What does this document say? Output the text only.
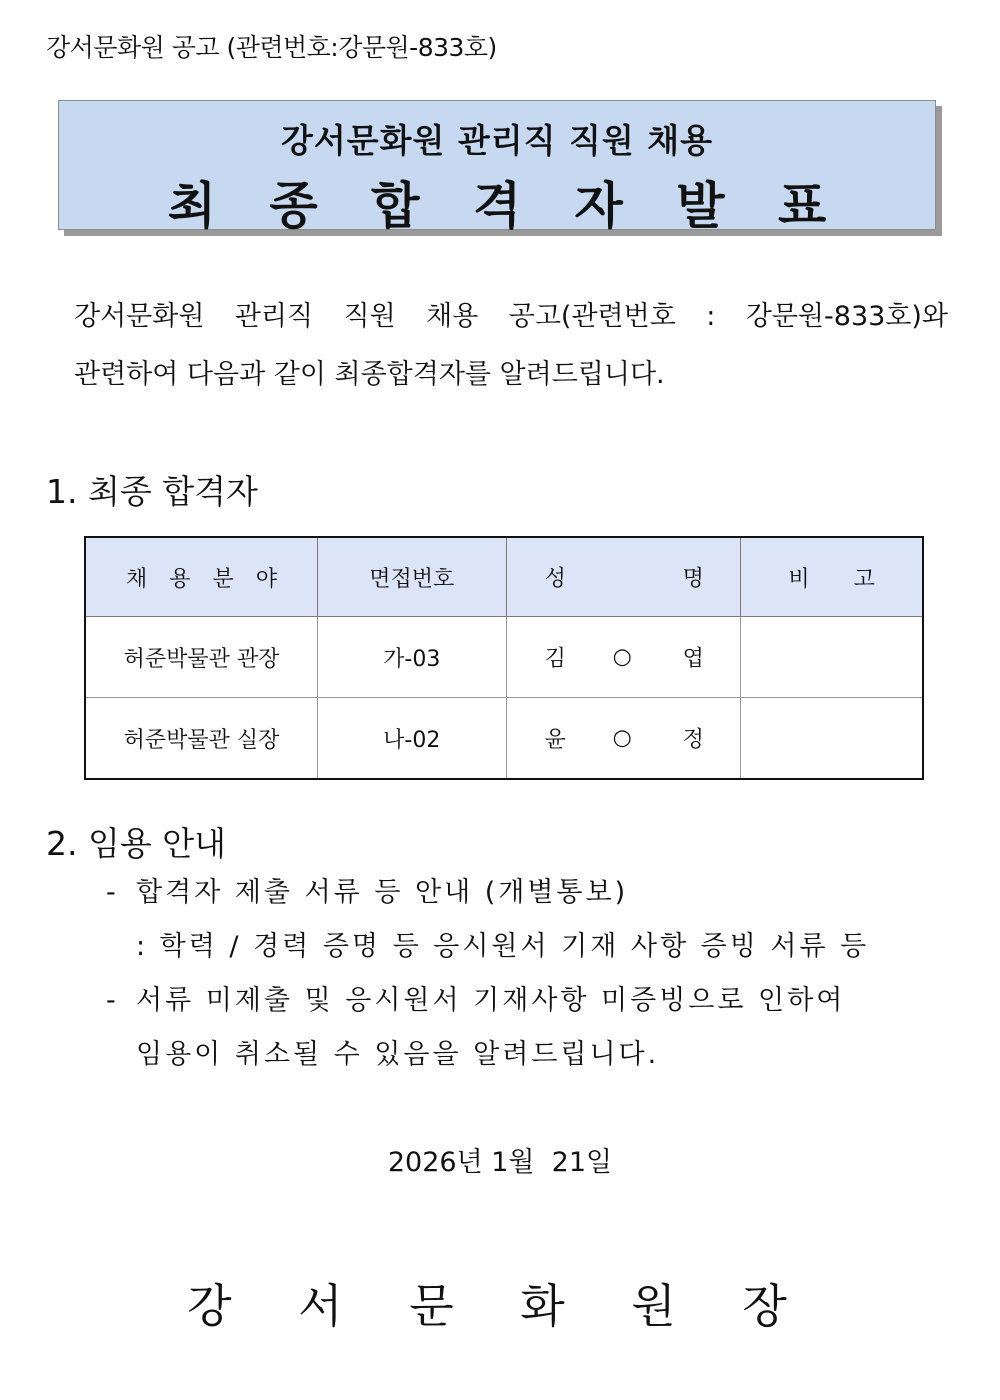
강서문화원 공고 (관련번호:강문원-833호)
강서문화원 관리직 직원 채용
최 종 합 격 자 발 표

강서문화원 관리직 직원 채용 공고(관련번호 : 강문원-833호)와

관련하여 다음과 같이 최종합격자를 알려드립니다.

1. 최종 합격자
채용분야	면접번호	성 명	비고
허준박물관 관장	가-03	김 ○ 엽	

허준박물관 실장	나-02	윤 ○ 정	

2. 임용 안내
- 합격자 제출 서류 등 안내 (개별통보)
: 학력 / 경력 증명 등 응시원서 기재 사항 증빙 서류 등
- 서류 미제출 및 응시원서 기재사항 미증빙으로 인하여
임용이 취소될 수 있음을 알려드립니다.
2026년 1월  21일
강 서 문 화 원 장
